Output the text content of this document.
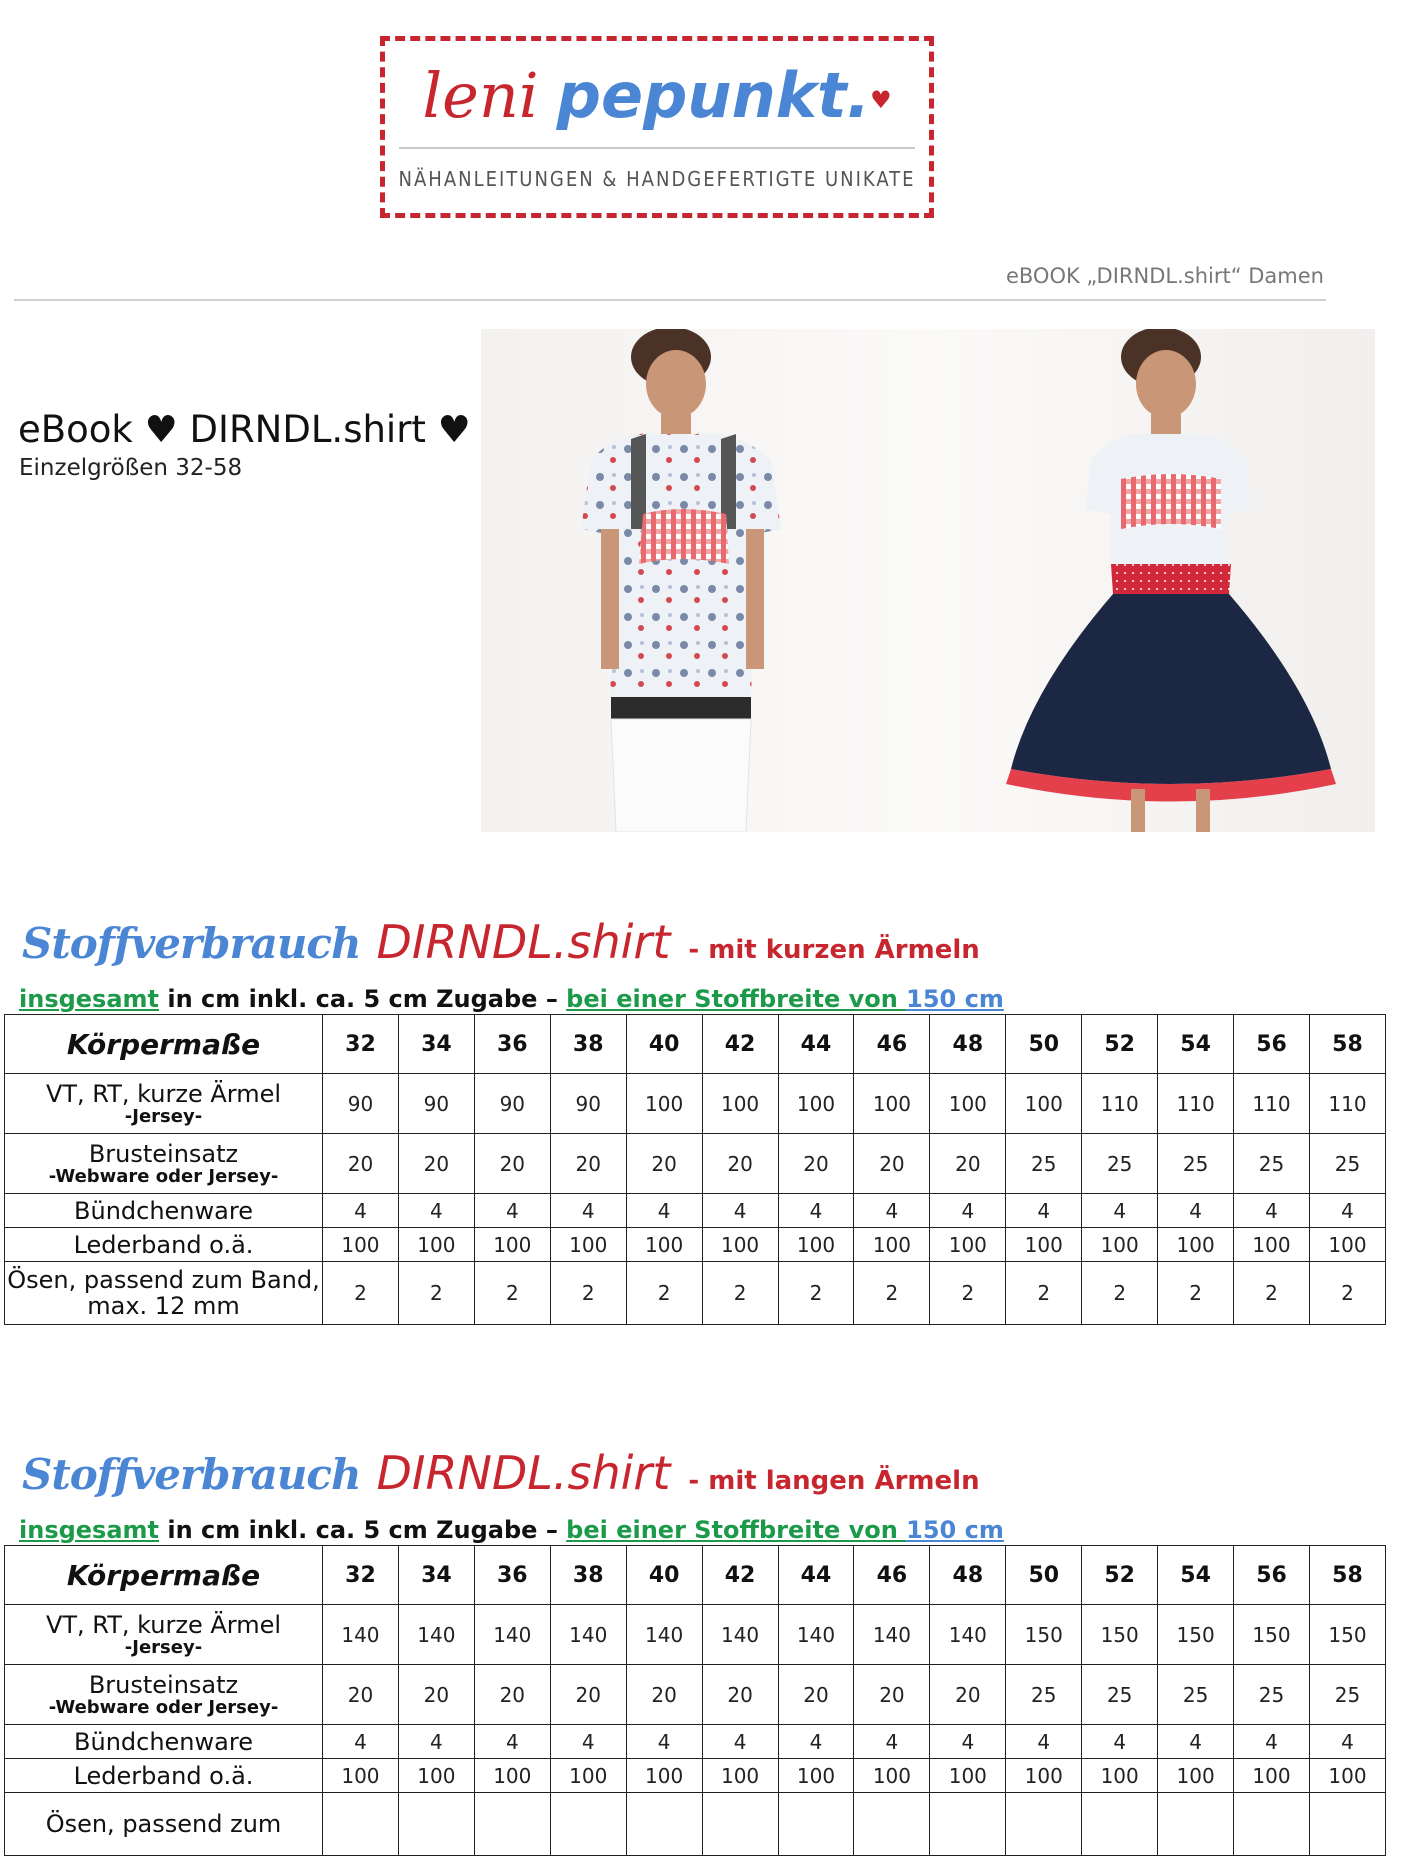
leni pepunkt.♥
NÄHANLEITUNGEN & HANDGEFERTIGTE UNIKATE
eBOOK „DIRNDL.shirt“ Damen
eBook ♥ DIRNDL.shirt ♥
Einzelgrößen 32-58
Stoffverbrauch DIRNDL.shirt - mit kurzen Ärmeln
insgesamt in cm inkl. ca. 5 cm Zugabe – bei einer Stoffbreite von 150 cm
Körpermaße	32	34	36	38	40	42	44	46	48	50	52	54	56	58
VT, RT, kurze Ärmel
-Jersey-	90	90	90	90	100	100	100	100	100	100	110	110	110	110
Brusteinsatz
-Webware oder Jersey-	20	20	20	20	20	20	20	20	20	25	25	25	25	25
Bündchenware	4	4	4	4	4	4	4	4	4	4	4	4	4	4
Lederband o.ä.	100	100	100	100	100	100	100	100	100	100	100	100	100	100
Ösen, passend zum Band, max. 12 mm	2	2	2	2	2	2	2	2	2	2	2	2	2	2
Stoffverbrauch DIRNDL.shirt - mit langen Ärmeln
insgesamt in cm inkl. ca. 5 cm Zugabe – bei einer Stoffbreite von 150 cm
Körpermaße	32	34	36	38	40	42	44	46	48	50	52	54	56	58
VT, RT, kurze Ärmel
-Jersey-	140	140	140	140	140	140	140	140	140	150	150	150	150	150
Brusteinsatz
-Webware oder Jersey-	20	20	20	20	20	20	20	20	20	25	25	25	25	25
Bündchenware	4	4	4	4	4	4	4	4	4	4	4	4	4	4
Lederband o.ä.	100	100	100	100	100	100	100	100	100	100	100	100	100	100
Ösen, passend zum														
